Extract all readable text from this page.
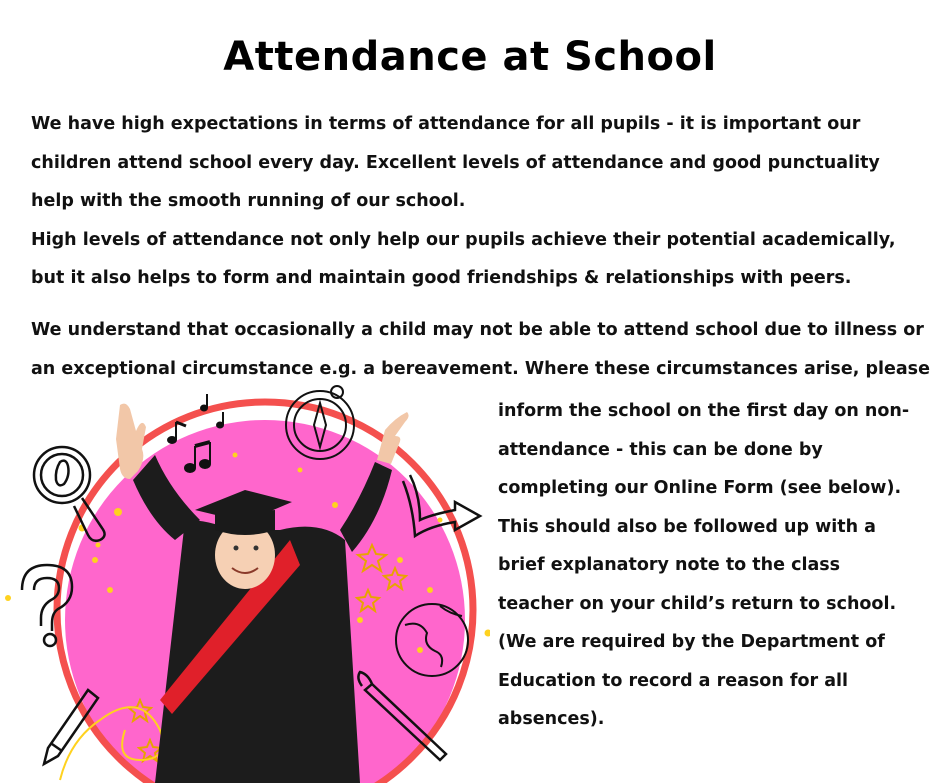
Attendance at School
We have high expectations in terms of attendance for all pupils - it is important our
children attend school every day. Excellent levels of attendance and good punctuality
help with the smooth running of our school.
High levels of attendance not only help our pupils achieve their potential academically,
but it also helps to form and maintain good friendships & relationships with peers.
We understand that occasionally a child may not be able to attend school due to illness or
an exceptional circumstance e.g. a bereavement. Where these circumstances arise, please
inform the school on the first day on non-
attendance - this can be done by
completing our Online Form (see below).
This should also be followed up with a
brief explanatory note to the class
teacher on your child’s return to school.
(We are required by the Department of
Education to record a reason for all
absences).
